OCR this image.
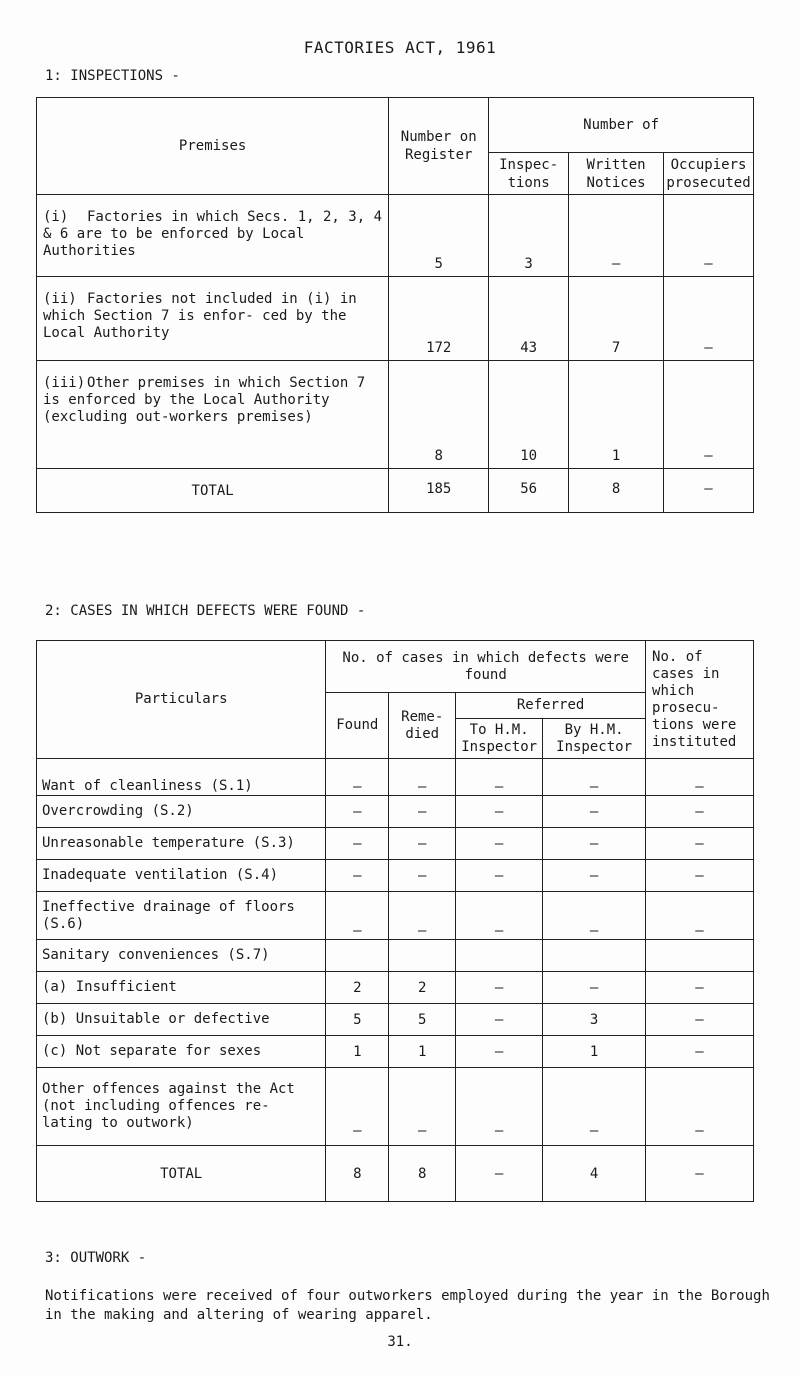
FACTORIES ACT, 1961
1: INSPECTIONS -
Premises	Number on Register	Number of		
		Inspec- tions	Written Notices	Occupiers prosecuted
(i) Factories in which Secs. 1, 2, 3, 4 & 6 are to be enforced by Local Authorities	5	3	–	–
(ii) Factories not included in (i) in which Section 7 is enfor- ced by the Local Authority	172	43	7	–
(iii) Other premises in which Section 7 is enforced by the Local Authority (excluding out-workers premises)	8	10	1	–
TOTAL	185	56	8	–
2: CASES IN WHICH DEFECTS WERE FOUND -
Particulars	No. of cases in which defects were found				No. of cases in which prosecu- tions were instituted
	Found	Reme- died	Referred		
			To H.M. Inspector	By H.M. Inspector	
Want of cleanliness (S.1)	–	–	–	–	–
Overcrowding (S.2)	–	–	–	–	–
Unreasonable temperature (S.3)	–	–	–	–	–
Inadequate ventilation (S.4)	–	–	–	–	–
Ineffective drainage of floors (S.6)	–	–	–	–	–
Sanitary conveniences (S.7)					
(a) Insufficient	2	2	–	–	–
(b) Unsuitable or defective	5	5	–	3	–
(c) Not separate for sexes	1	1	–	1	–
Other offences against the Act (not including offences re- lating to outwork)	–	–	–	–	–
TOTAL	8	8	–	4	–
3: OUTWORK -
Notifications were received of four outworkers employed during the year in the Borough in the making and altering of wearing apparel.
31.
